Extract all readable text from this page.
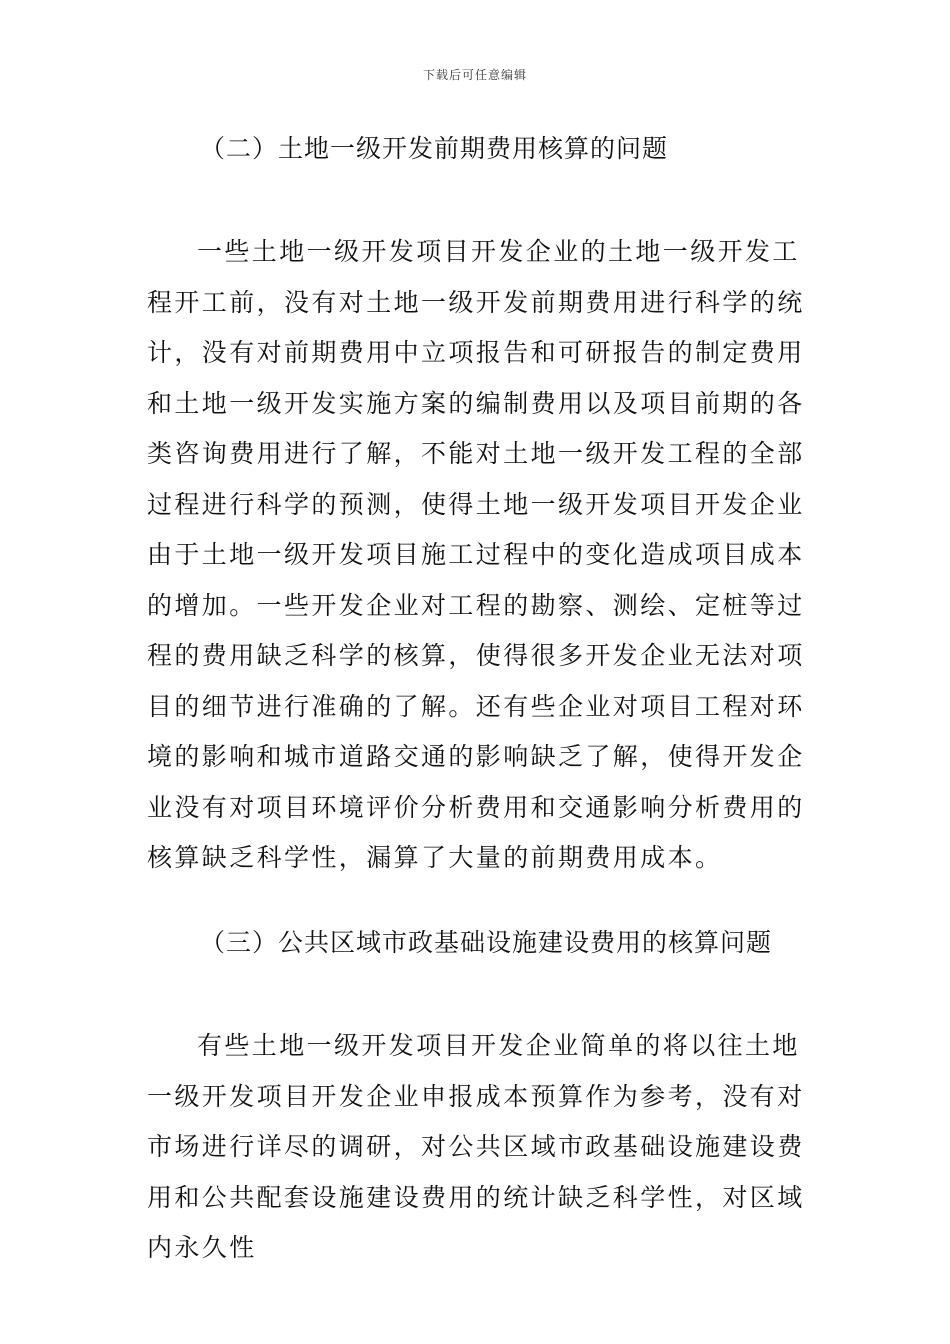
下载后可任意编辑
（二）土地一级开发前期费用核算的问题

一些土地一级开发项目开发企业的土地一级开发工程开工前，没有对土地一级开发前期费用进行科学的统计，没有对前期费用中立项报告和可研报告的制定费用和土地一级开发实施方案的编制费用以及项目前期的各类咨询费用进行了解，不能对土地一级开发工程的全部过程进行科学的预测，使得土地一级开发项目开发企业由于土地一级开发项目施工过程中的变化造成项目成本的增加。一些开发企业对工程的勘察、测绘、定桩等过程的费用缺乏科学的核算，使得很多开发企业无法对项目的细节进行准确的了解。还有些企业对项目工程对环境的影响和城市道路交通的影响缺乏了解，使得开发企业没有对项目环境评价分析费用和交通影响分析费用的核算缺乏科学性，漏算了大量的前期费用成本。

（三）公共区域市政基础设施建设费用的核算问题

有些土地一级开发项目开发企业简单的将以往土地一级开发项目开发企业申报成本预算作为参考，没有对市场进行详尽的调研，对公共区域市政基础设施建设费用和公共配套设施建设费用的统计缺乏科学性，对区域内永久性
